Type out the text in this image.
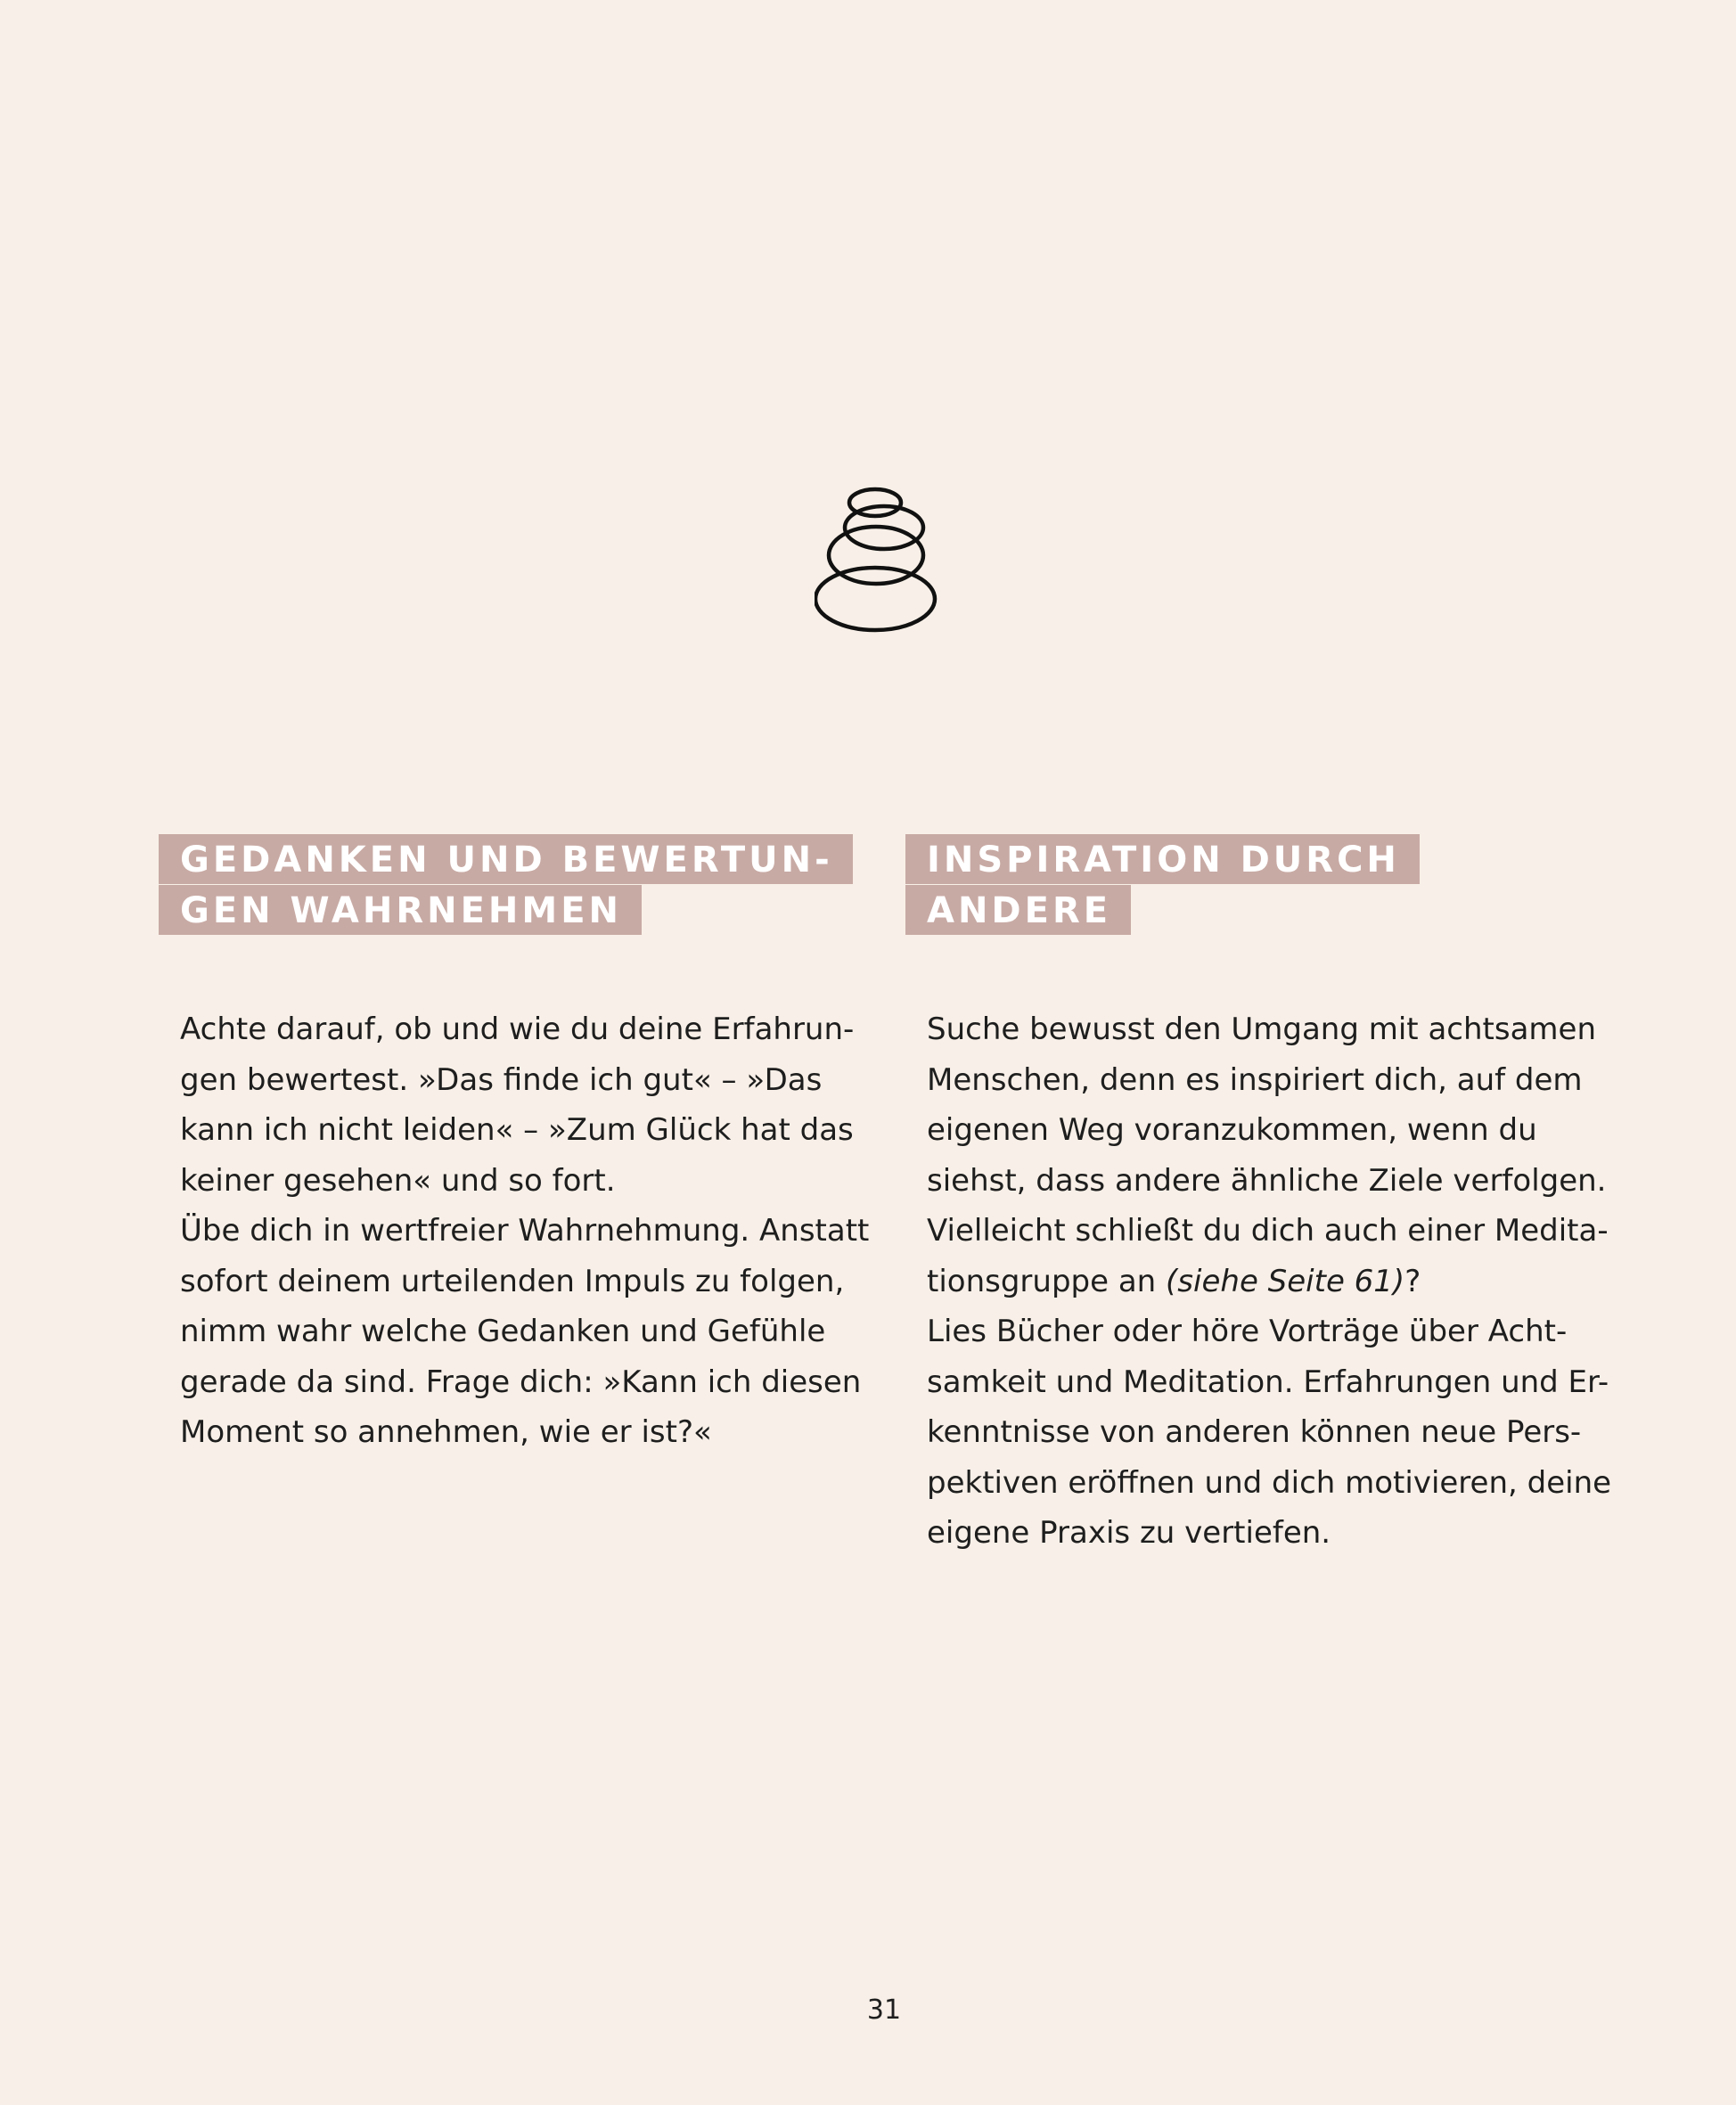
GEDANKEN UND BEWERTUN-
GEN WAHRNEHMEN

Achte darauf, ob und wie du deine Erfahrun-
gen bewertest. »Das finde ich gut« – »Das
kann ich nicht leiden« – »Zum Glück hat das
keiner gesehen« und so fort.
Übe dich in wertfreier Wahrnehmung. Anstatt
sofort deinem urteilenden Impuls zu folgen,
nimm wahr welche Gedanken und Gefühle
gerade da sind. Frage dich: »Kann ich diesen
Moment so annehmen, wie er ist?«

INSPIRATION DURCH
ANDERE

Suche bewusst den Umgang mit achtsamen
Menschen, denn es inspiriert dich, auf dem
eigenen Weg voranzukommen, wenn du
siehst, dass andere ähnliche Ziele verfolgen.
Vielleicht schließt du dich auch einer Medita-
tionsgruppe an (siehe Seite 61)?
Lies Bücher oder höre Vorträge über Acht-
samkeit und Meditation. Erfahrungen und Er-
kenntnisse von anderen können neue Pers-
pektiven eröffnen und dich motivieren, deine
eigene Praxis zu vertiefen.

31
